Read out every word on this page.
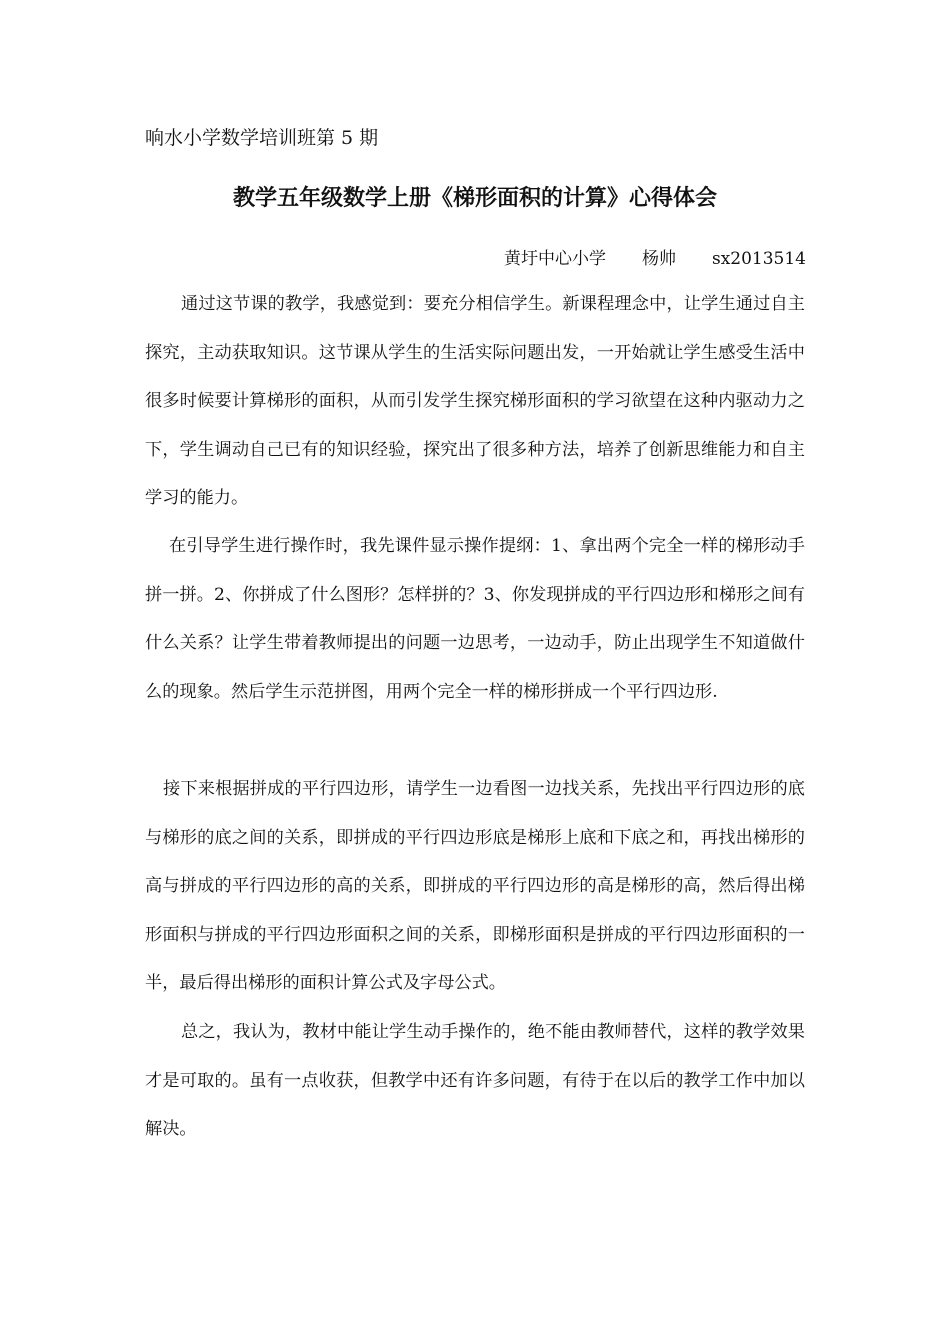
响水小学数学培训班第 5 期
教学五年级数学上册《梯形面积的计算》心得体会
黄圩中心小学 杨帅 sx2013514

通过这节课的教学，我感觉到：要充分相信学生。新课程理念中，让学生通过自主探究，主动获取知识。这节课从学生的生活实际问题出发，一开始就让学生感受生活中很多时候要计算梯形的面积，从而引发学生探究梯形面积的学习欲望在这种内驱动力之下，学生调动自己已有的知识经验，探究出了很多种方法，培养了创新思维能力和自主学习的能力。

在引导学生进行操作时，我先课件显示操作提纲：1、拿出两个完全一样的梯形动手拼一拼。2、你拼成了什么图形？怎样拼的？3、你发现拼成的平行四边形和梯形之间有什么关系？让学生带着教师提出的问题一边思考，一边动手，防止出现学生不知道做什么的现象。然后学生示范拼图，用两个完全一样的梯形拼成一个平行四边形.

接下来根据拼成的平行四边形，请学生一边看图一边找关系，先找出平行四边形的底与梯形的底之间的关系，即拼成的平行四边形底是梯形上底和下底之和，再找出梯形的高与拼成的平行四边形的高的关系，即拼成的平行四边形的高是梯形的高，然后得出梯形面积与拼成的平行四边形面积之间的关系，即梯形面积是拼成的平行四边形面积的一半，最后得出梯形的面积计算公式及字母公式。

总之，我认为，教材中能让学生动手操作的，绝不能由教师替代，这样的教学效果才是可取的。虽有一点收获，但教学中还有许多问题，有待于在以后的教学工作中加以解决。
